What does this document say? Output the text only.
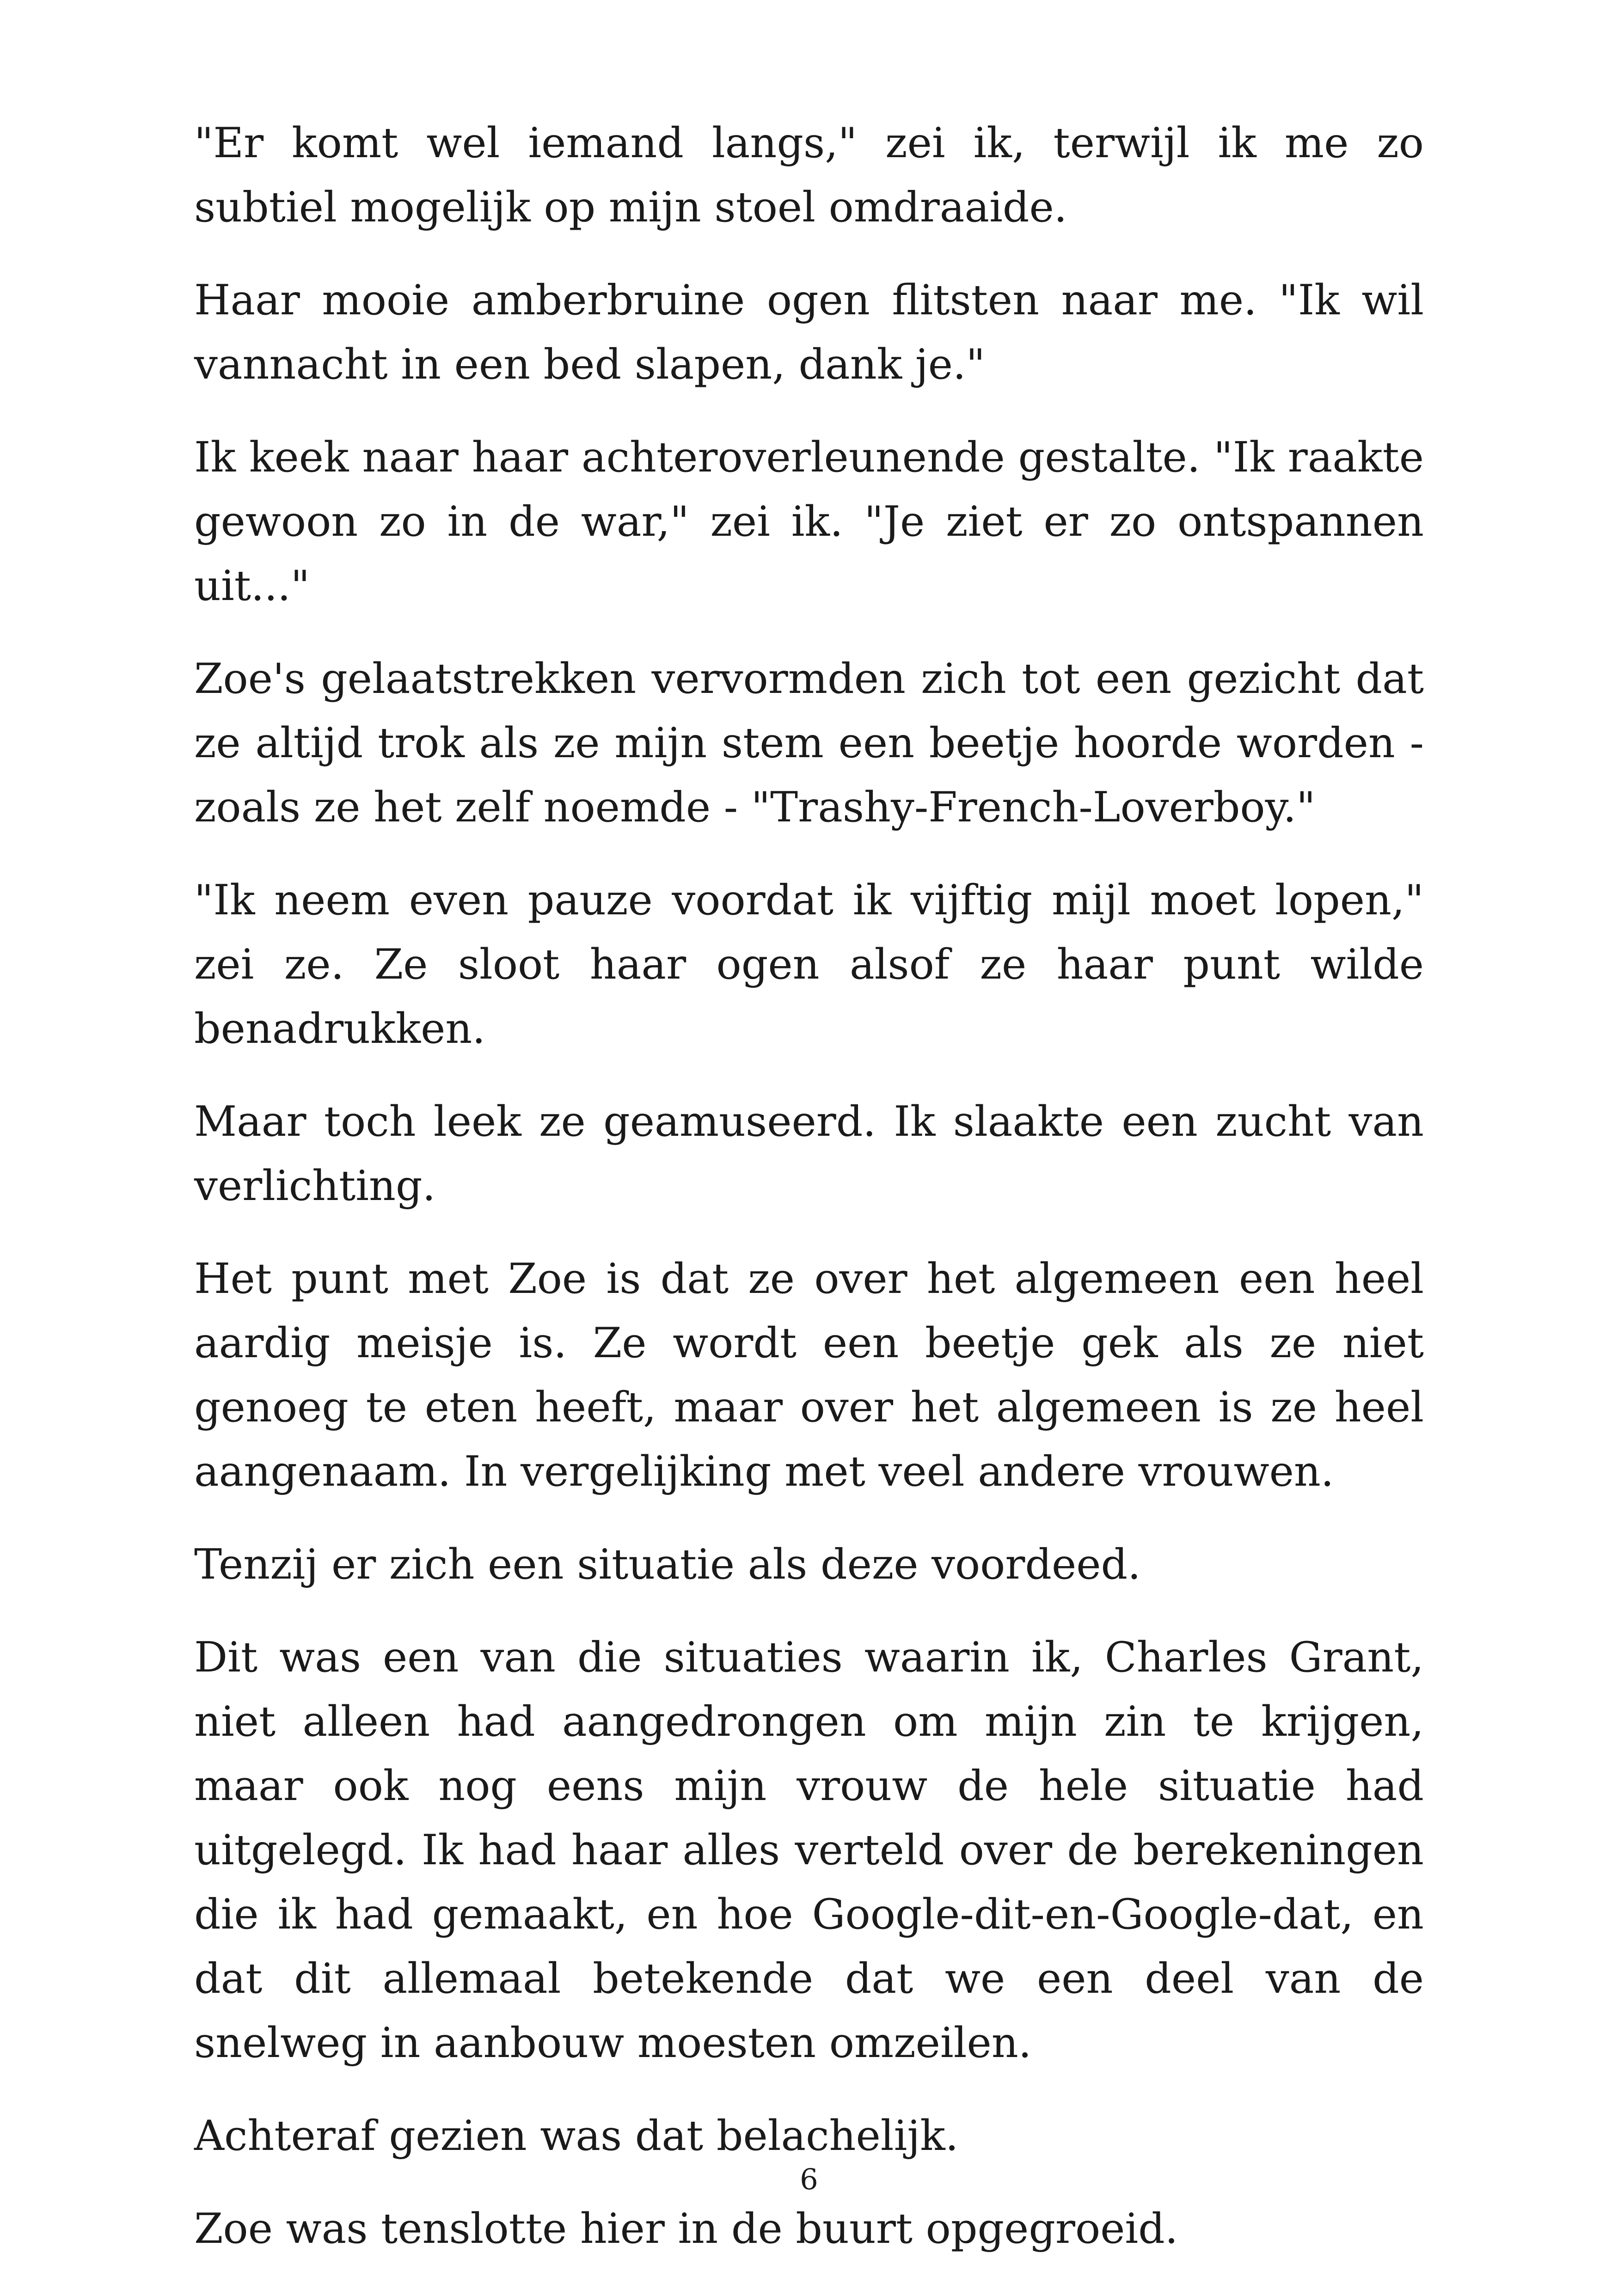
"Er komt wel iemand langs," zei ik, terwijl ik me zo subtiel mogelijk op mijn stoel omdraaide.

Haar mooie amberbruine ogen flitsten naar me. "Ik wil vannacht in een bed slapen, dank je."

Ik keek naar haar achteroverleunende gestalte. "Ik raakte gewoon zo in de war," zei ik. "Je ziet er zo ontspannen uit..."

Zoe's gelaatstrekken vervormden zich tot een gezicht dat ze altijd trok als ze mijn stem een beetje hoorde worden - zoals ze het zelf noemde - "Trashy-French-Loverboy."

"Ik neem even pauze voordat ik vijftig mijl moet lopen," zei ze. Ze sloot haar ogen alsof ze haar punt wilde benadrukken.

Maar toch leek ze geamuseerd. Ik slaakte een zucht van verlichting.

Het punt met Zoe is dat ze over het algemeen een heel aardig meisje is. Ze wordt een beetje gek als ze niet genoeg te eten heeft, maar over het algemeen is ze heel aangenaam. In vergelijking met veel andere vrouwen.

Tenzij er zich een situatie als deze voordeed.

Dit was een van die situaties waarin ik, Charles Grant, niet alleen had aangedrongen om mijn zin te krijgen, maar ook nog eens mijn vrouw de hele situatie had uitgelegd. Ik had haar alles verteld over de berekeningen die ik had gemaakt, en hoe Google-dit-en-Google-dat, en dat dit allemaal betekende dat we een deel van de snelweg in aanbouw moesten omzeilen.

Achteraf gezien was dat belachelijk.

Zoe was tenslotte hier in de buurt opgegroeid.

6
